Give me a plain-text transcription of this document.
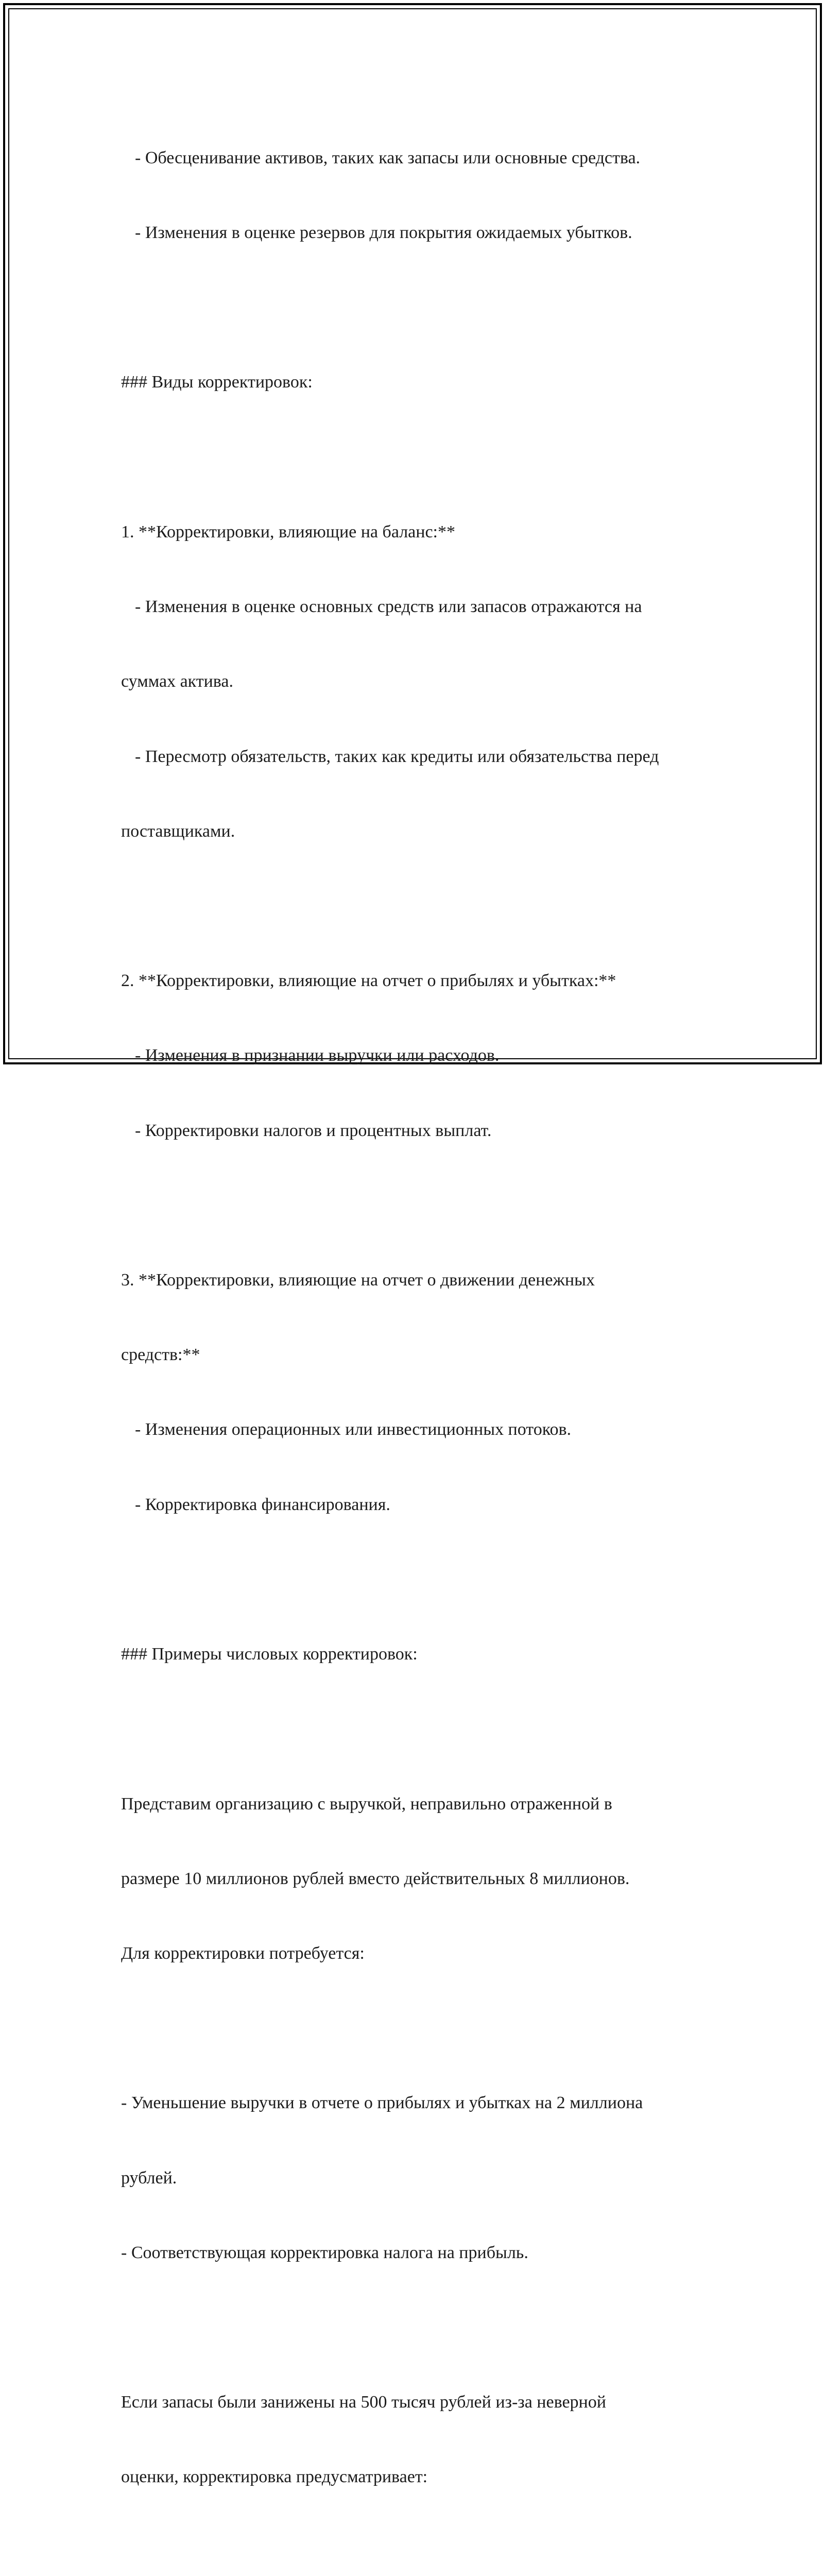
- Обесценивание активов, таких как запасы или основные средства.

- Изменения в оценке резервов для покрытия ожидаемых убытков.

### Виды корректировок:

1. **Корректировки, влияющие на баланс:**

- Изменения в оценке основных средств или запасов отражаются на

суммах актива.

- Пересмотр обязательств, таких как кредиты или обязательства перед

поставщиками.

2. **Корректировки, влияющие на отчет о прибылях и убытках:**

- Изменения в признании выручки или расходов.

- Корректировки налогов и процентных выплат.

3. **Корректировки, влияющие на отчет о движении денежных

средств:**

- Изменения операционных или инвестиционных потоков.

- Корректировка финансирования.

### Примеры числовых корректировок:

Представим организацию с выручкой, неправильно отраженной в

размере 10 миллионов рублей вместо действительных 8 миллионов.

Для корректировки потребуется:

- Уменьшение выручки в отчете о прибылях и убытках на 2 миллиона

рублей.

- Соответствующая корректировка налога на прибыль.

Если запасы были занижены на 500 тысяч рублей из-за неверной

оценки, корректировка предусматривает:
